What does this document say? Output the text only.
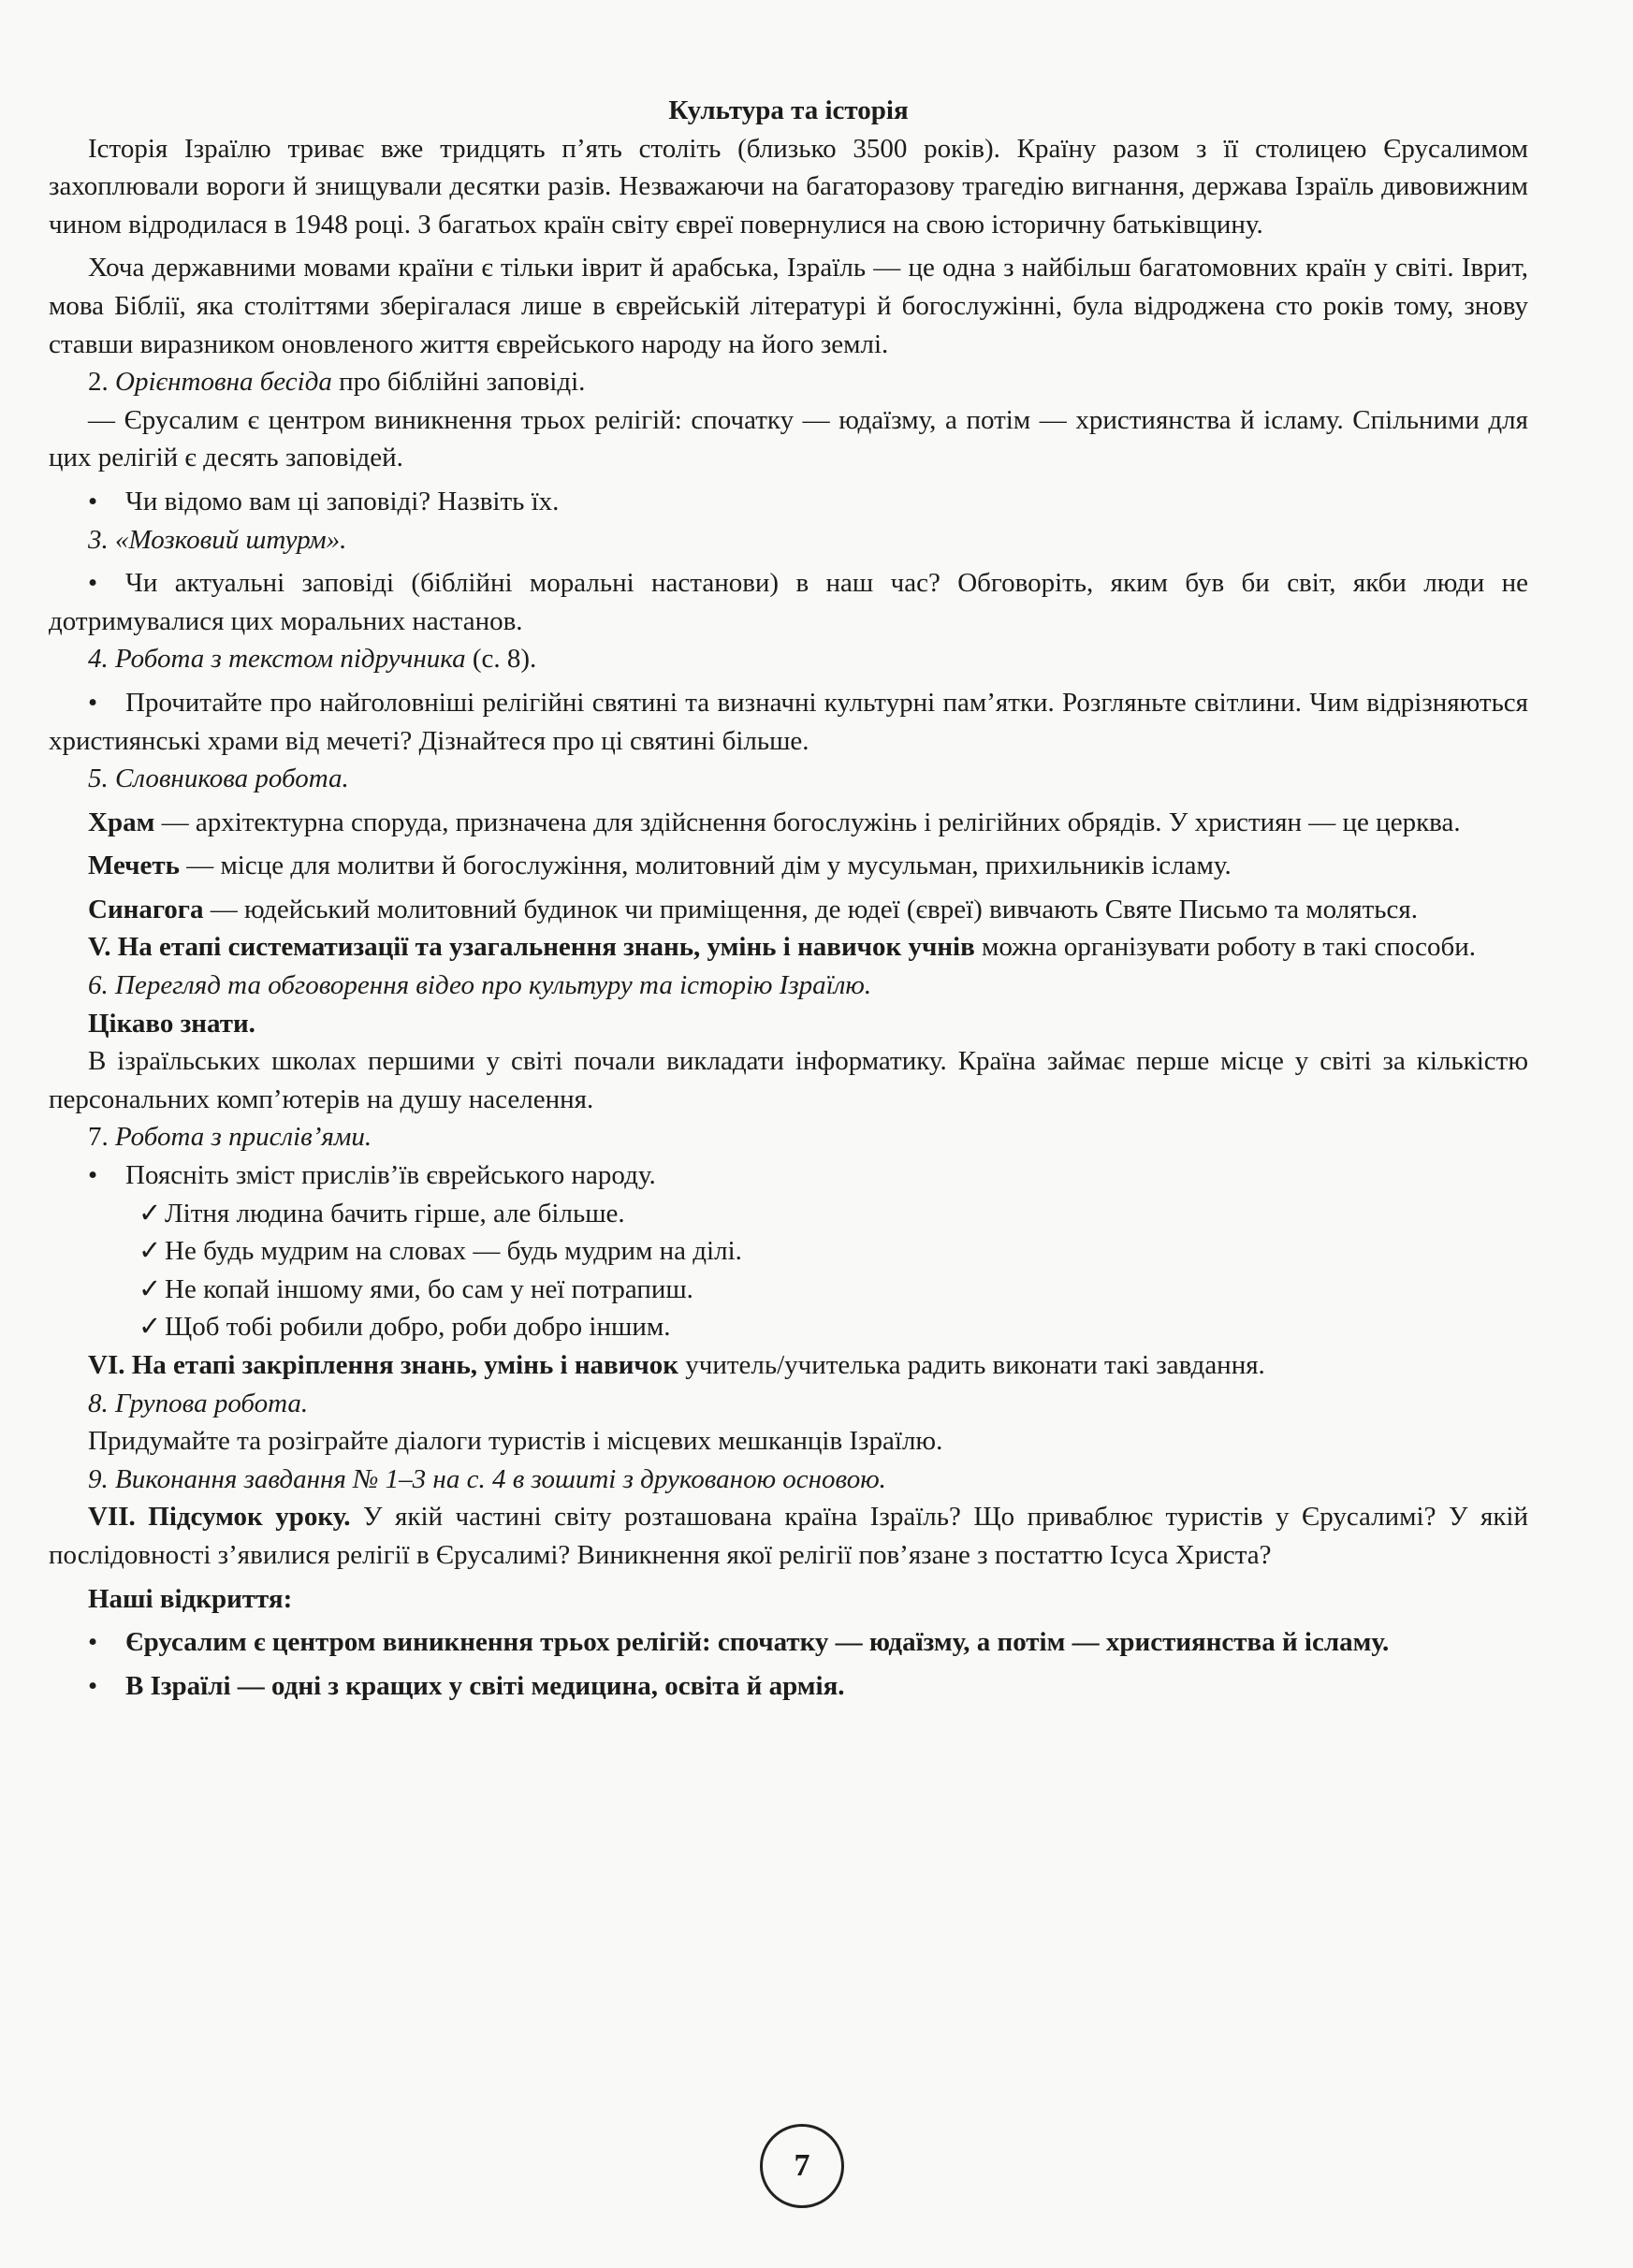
Культура та історія

Історія Ізраїлю триває вже тридцять п’ять століть (близько 3500 років). Країну разом з її столицею Єрусалимом захоплювали вороги й знищували десятки разів. Незважаючи на багаторазову трагедію вигнання, держава Ізраїль дивовижним чином відродилася в 1948 році. З багатьох країн світу євреї повернулися на свою історичну батьківщину.

Хоча державними мовами країни є тільки іврит й арабська, Ізраїль — це одна з найбільш багатомовних країн у світі. Іврит, мова Біблії, яка століттями зберігалася лише в єврейській літературі й богослужінні, була відроджена сто років тому, знову ставши виразником оновленого життя єврейського народу на його землі.

2. Орієнтовна бесіда про біблійні заповіді.

— Єрусалим є центром виникнення трьох релігій: спочатку — юдаїзму, а потім — християнства й ісламу. Спільними для цих релігій є десять заповідей.

• Чи відомо вам ці заповіді? Назвіть їх.

3. «Мозковий штурм».

• Чи актуальні заповіді (біблійні моральні настанови) в наш час? Обговоріть, яким був би світ, якби люди не дотримувалися цих моральних настанов.

4. Робота з текстом підручника (с. 8).

• Прочитайте про найголовніші релігійні святині та визначні культурні пам’ятки. Розгляньте світлини. Чим відрізняються християнські храми від мечеті? Дізнайтеся про ці святині більше.

5. Словникова робота.

Храм — архітектурна споруда, призначена для здійснення богослужінь і релігійних обрядів. У християн — це церква.

Мечеть — місце для молитви й богослужіння, молитовний дім у мусульман, прихильників ісламу.

Синагога — юдейський молитовний будинок чи приміщення, де юдеї (євреї) вивчають Святе Письмо та моляться.

V. На етапі систематизації та узагальнення знань, умінь і навичок учнів можна організувати роботу в такі способи.

6. Перегляд та обговорення відео про культуру та історію Ізраїлю.

Цікаво знати.

В ізраїльських школах першими у світі почали викладати інформатику. Країна займає перше місце у світі за кількістю персональних комп’ютерів на душу населення.

7. Робота з прислів’ями.

• Поясніть зміст прислів’їв єврейського народу.

✓ Літня людина бачить гірше, але більше.

✓ Не будь мудрим на словах — будь мудрим на ділі.

✓ Не копай іншому ями, бо сам у неї потрапиш.

✓ Щоб тобі робили добро, роби добро іншим.

VI. На етапі закріплення знань, умінь і навичок учитель/учителька радить виконати такі завдання.

8. Групова робота.

Придумайте та розіграйте діалоги туристів і місцевих мешканців Ізраїлю.

9. Виконання завдання № 1–3 на с. 4 в зошиті з друкованою основою.

VII. Підсумок уроку. У якій частині світу розташована країна Ізраїль? Що приваблює туристів у Єрусалимі? У якій послідовності з’явилися релігії в Єрусалимі? Виникнення якої релігії пов’язане з постаттю Ісуса Христа?

Наші відкриття:

• Єрусалим є центром виникнення трьох релігій: спочатку — юдаїзму, а потім — християнства й ісламу.

• В Ізраїлі — одні з кращих у світі медицина, освіта й армія.

7
